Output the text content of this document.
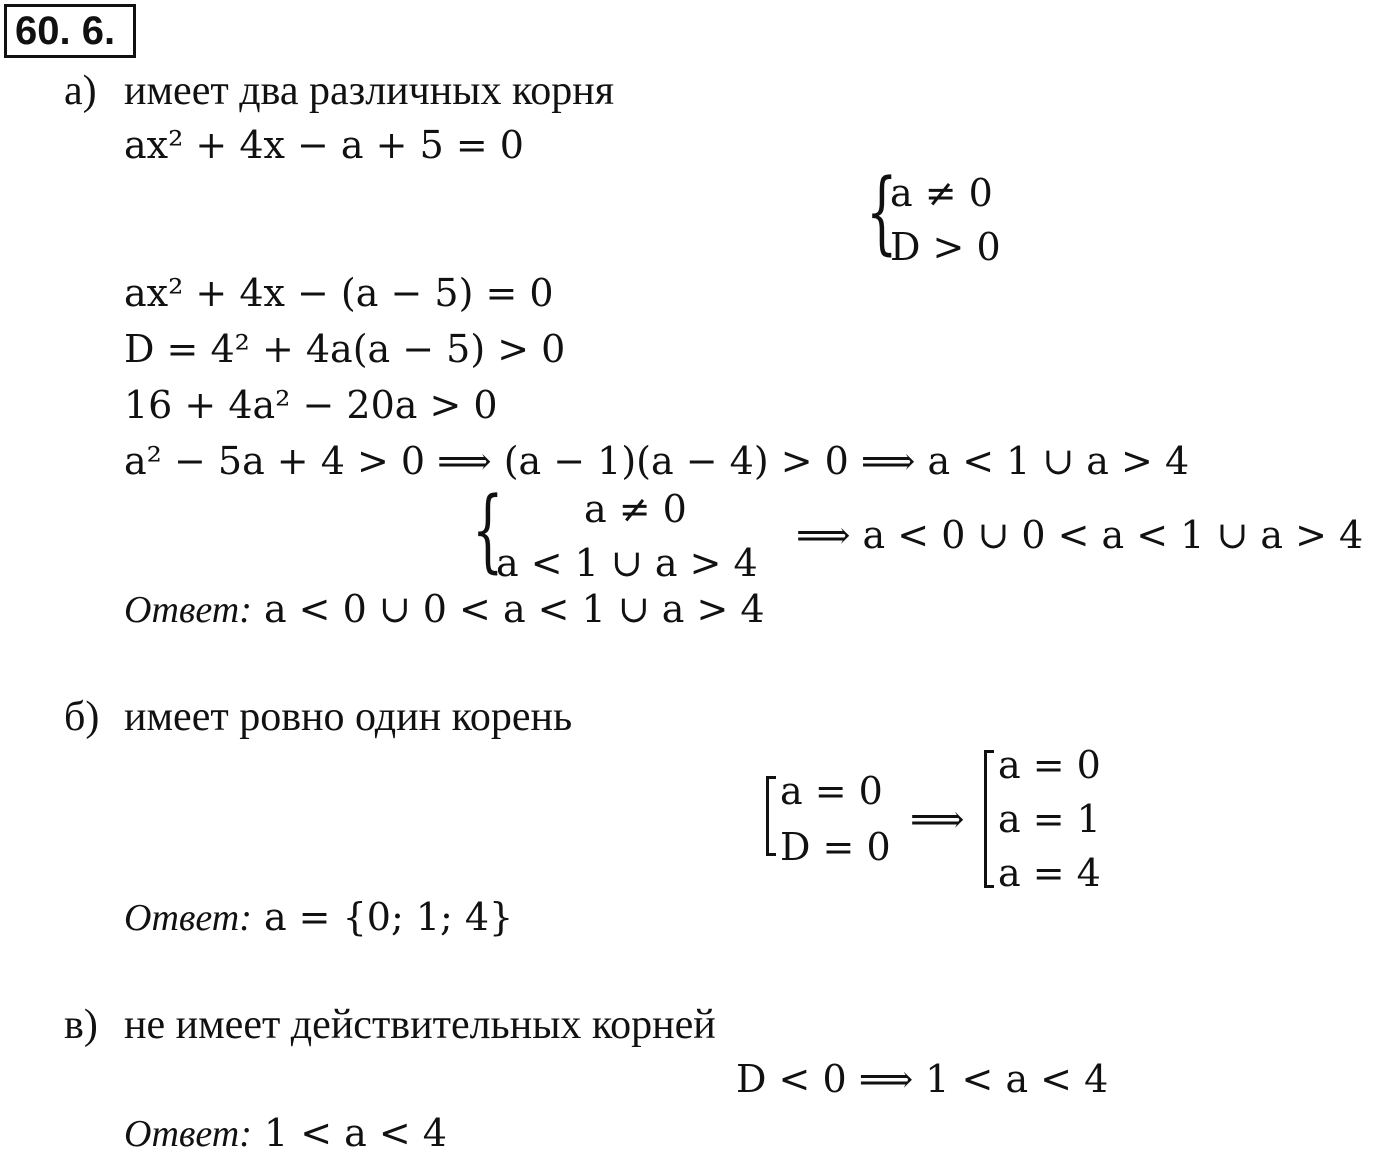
60. 6.
а) имеет два различных корня
ax² + 4x − a + 5 = 0
{
a ≠ 0
D > 0
ax² + 4x − (a − 5) = 0
D = 4² + 4a(a − 5) > 0
16 + 4a² − 20a > 0
a² − 5a + 4 > 0 ⟹ (a − 1)(a − 4) > 0 ⟹ a < 1 ∪ a > 4
{ a ≠ 0
a < 1 ∪ a > 4
⟹ a < 0 ∪ 0 < a < 1 ∪ a > 4
Ответ: a < 0 ∪ 0 < a < 1 ∪ a > 4
б) имеет ровно один корень
a = 0
D = 0
⟹
a = 0
a = 1
a = 4
Ответ: a = {0; 1; 4}
в) не имеет действительных корней
D < 0 ⟹ 1 < a < 4
Ответ: 1 < a < 4
